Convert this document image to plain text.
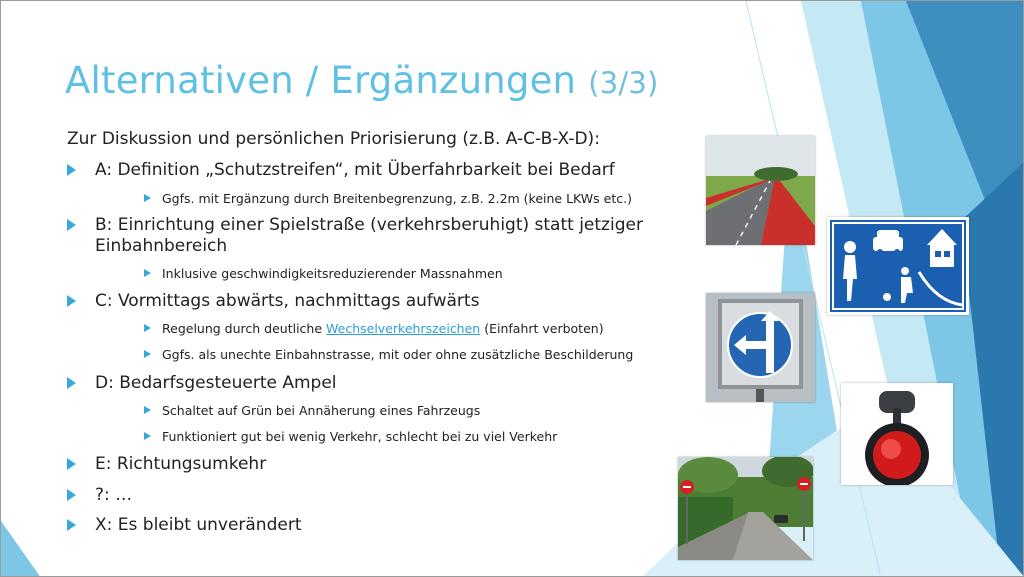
Alternativen / Ergänzungen (3/3)
Zur Diskussion und persönlichen Priorisierung (z.B. A-C-B-X-D):
A: Definition „Schutzstreifen“, mit Überfahrbarkeit bei Bedarf
Ggfs. mit Ergänzung durch Breitenbegrenzung, z.B. 2.2m (keine LKWs etc.)
B: Einrichtung einer Spielstraße (verkehrsberuhigt) statt jetziger
Einbahnbereich
Inklusive geschwindigkeitsreduzierender Massnahmen
C: Vormittags abwärts, nachmittags aufwärts
Regelung durch deutliche Wechselverkehrszeichen (Einfahrt verboten)
Ggfs. als unechte Einbahnstrasse, mit oder ohne zusätzliche Beschilderung
D: Bedarfsgesteuerte Ampel
Schaltet auf Grün bei Annäherung eines Fahrzeugs
Funktioniert gut bei wenig Verkehr, schlecht bei zu viel Verkehr
E: Richtungsumkehr
?: …
X: Es bleibt unverändert
